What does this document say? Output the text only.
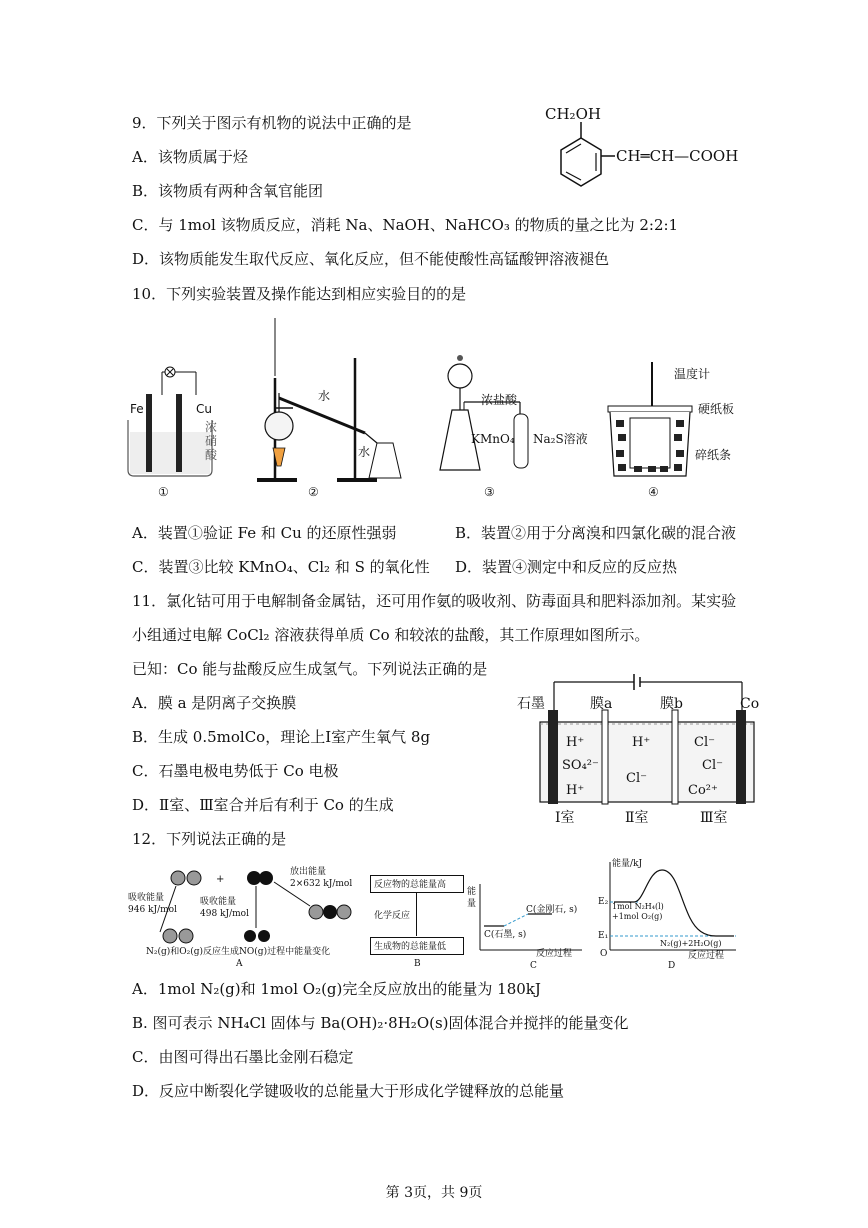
9．下列关于图示有机物的说法中正确的是
A．该物质属于烃
B．该物质有两种含氧官能团
C．与 1mol 该物质反应，消耗 Na、NaOH、NaHCO₃ 的物质的量之比为 2:2:1
D．该物质能发生取代反应、氧化反应，但不能使酸性高锰酸钾溶液褪色
CH₂OH
CH═CH—COOH
10．下列实验装置及操作能达到相应实验目的的是
Fe	Cu
浓
硝
酸
①
水
水
②
浓盐酸
KMnO₄ Na₂S溶液
③
温度计
硬纸板
碎纸条
④
A．装置①验证 Fe 和 Cu 的还原性强弱	B．装置②用于分离溴和四氯化碳的混合液
C．装置③比较 KMnO₄、Cl₂ 和 S 的氧化性 D．装置④测定中和反应的反应热
11．氯化钴可用于电解制备金属钴，还可用作氨的吸收剂、防毒面具和肥料添加剂。某实验
小组通过电解 CoCl₂ 溶液获得单质 Co 和较浓的盐酸，其工作原理如图所示。
已知：Co 能与盐酸反应生成氢气。下列说法正确的是
A．膜 a 是阴离子交换膜
B．生成 0.5molCo，理论上Ⅰ室产生氧气 8g
C．石墨电极电势低于 Co 电极
D．Ⅱ室、Ⅲ室合并后有利于 Co 的生成
石墨	Co
膜a	膜b
H⁺
SO₄²⁻
H⁺
H⁺
Cl⁻
Cl⁻
Cl⁻
Co²⁺
Ⅰ室	Ⅱ室	Ⅲ室
12．下列说法正确的是
+
吸收能量
946 kJ/mol
吸收能量
498 kJ/mol
放出能量
2×632 kJ/mol
N₂(g)和O₂(g)反应生成NO(g)过程中能量变化
A
反应物的总能量高
化学反应
生成物的总能量低
B
能
量
C(金刚石, s)
C(石墨, s)
反应过程
C
能量/kJ
E₂
E₁
1mol N₂H₄(l)
+1mol O₂(g)
N₂(g)+2H₂O(g)
O	反应过程
D
A．1mol N₂(g)和 1mol O₂(g)完全反应放出的能量为 180kJ
B. 图可表示 NH₄Cl 固体与 Ba(OH)₂·8H₂O(s)固体混合并搅拌的能量变化
C．由图可得出石墨比金刚石稳定
D．反应中断裂化学键吸收的总能量大于形成化学键释放的总能量
第 3页，共 9页
